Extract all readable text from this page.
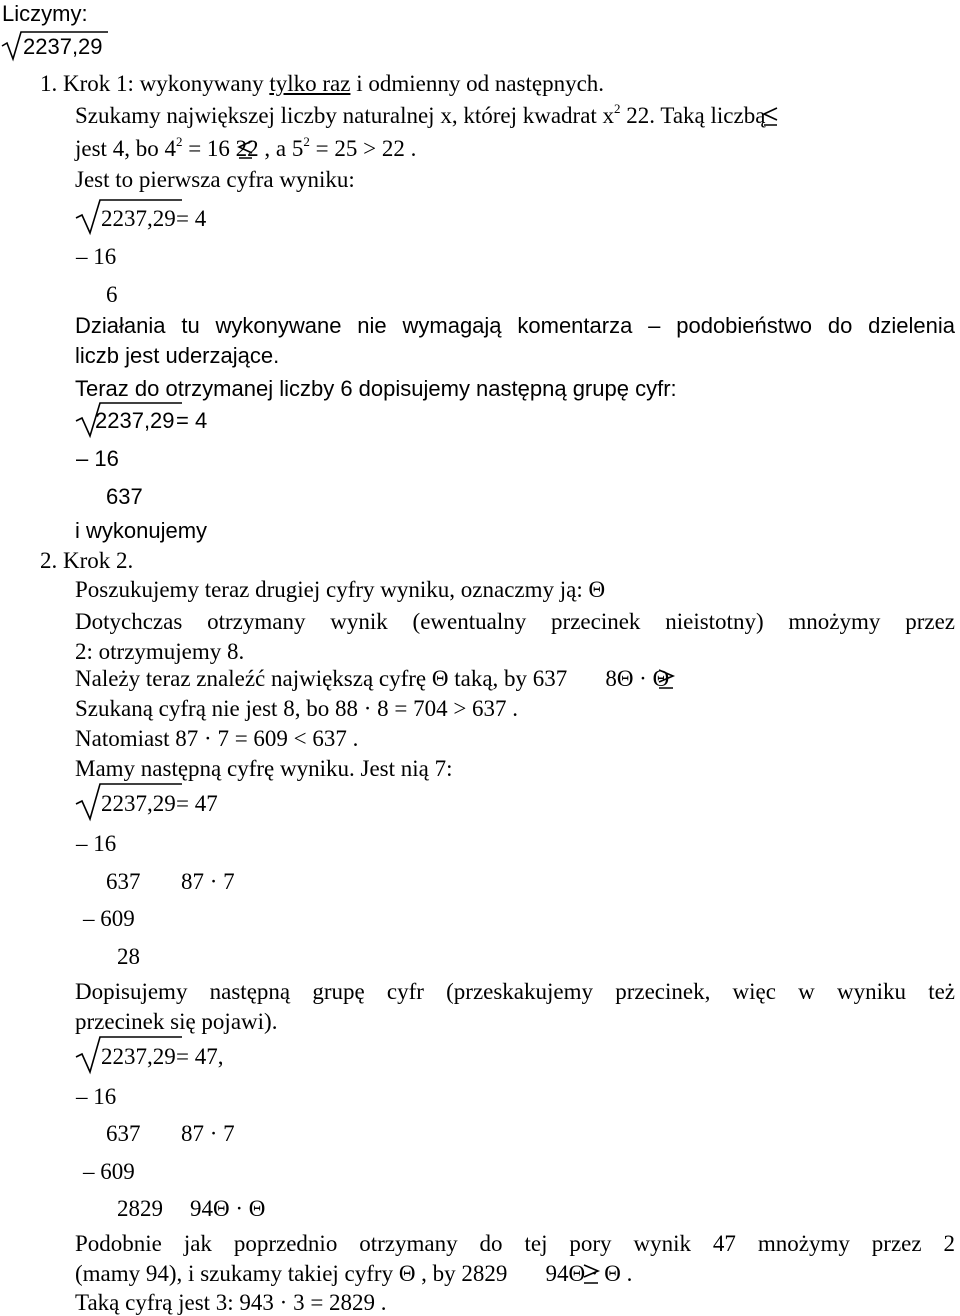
Liczymy:
2237,29
1. Krok 1: wykonywany tylko raz i odmienny od następnych.
Szukamy największej liczby naturalnej x, której kwadrat $x^2$ 22. Taką liczbą
jest 4, bo $4^2 = 16$ 22 , a $5^2 = 25 > 22$ .
Jest to pierwsza cyfra wyniku:
2237,29 = 4
– 16
6
Działania tu wykonywane nie wymagają komentarza – podobieństwo do dzielenia
liczb jest uderzające.
Teraz do otrzymanej liczby 6 dopisujemy następną grupę cyfr:
2237,29 = 4
– 16
637
i wykonujemy
2. Krok 2.
Poszukujemy teraz drugiej cyfry wyniku, oznaczmy ją: Θ
Dotychczas otrzymany wynik (ewentualny przecinek nieistotny) mnożymy przez
2: otrzymujemy 8.
Należy teraz znaleźć największą cyfrę Θ taką, by 637 8Θ · Θ
Szukaną cyfrą nie jest 8, bo 88 · 8 = 704 > 637 .
Natomiast 87 · 7 = 609 < 637 .
Mamy następną cyfrę wyniku. Jest nią 7:
2237,29 = 47
– 16
637 87 · 7
– 609
28
Dopisujemy następną grupę cyfr (przeskakujemy przecinek, więc w wyniku też
przecinek się pojawi).
2237,29 = 47,
– 16
637 87 · 7
– 609
2829 94Θ · Θ
Podobnie jak poprzednio otrzymany do tej pory wynik 47 mnożymy przez 2
(mamy 94), i szukamy takiej cyfry Θ , by 2829 94Θ · Θ .
Taką cyfrą jest 3: 943 · 3 = 2829 .
